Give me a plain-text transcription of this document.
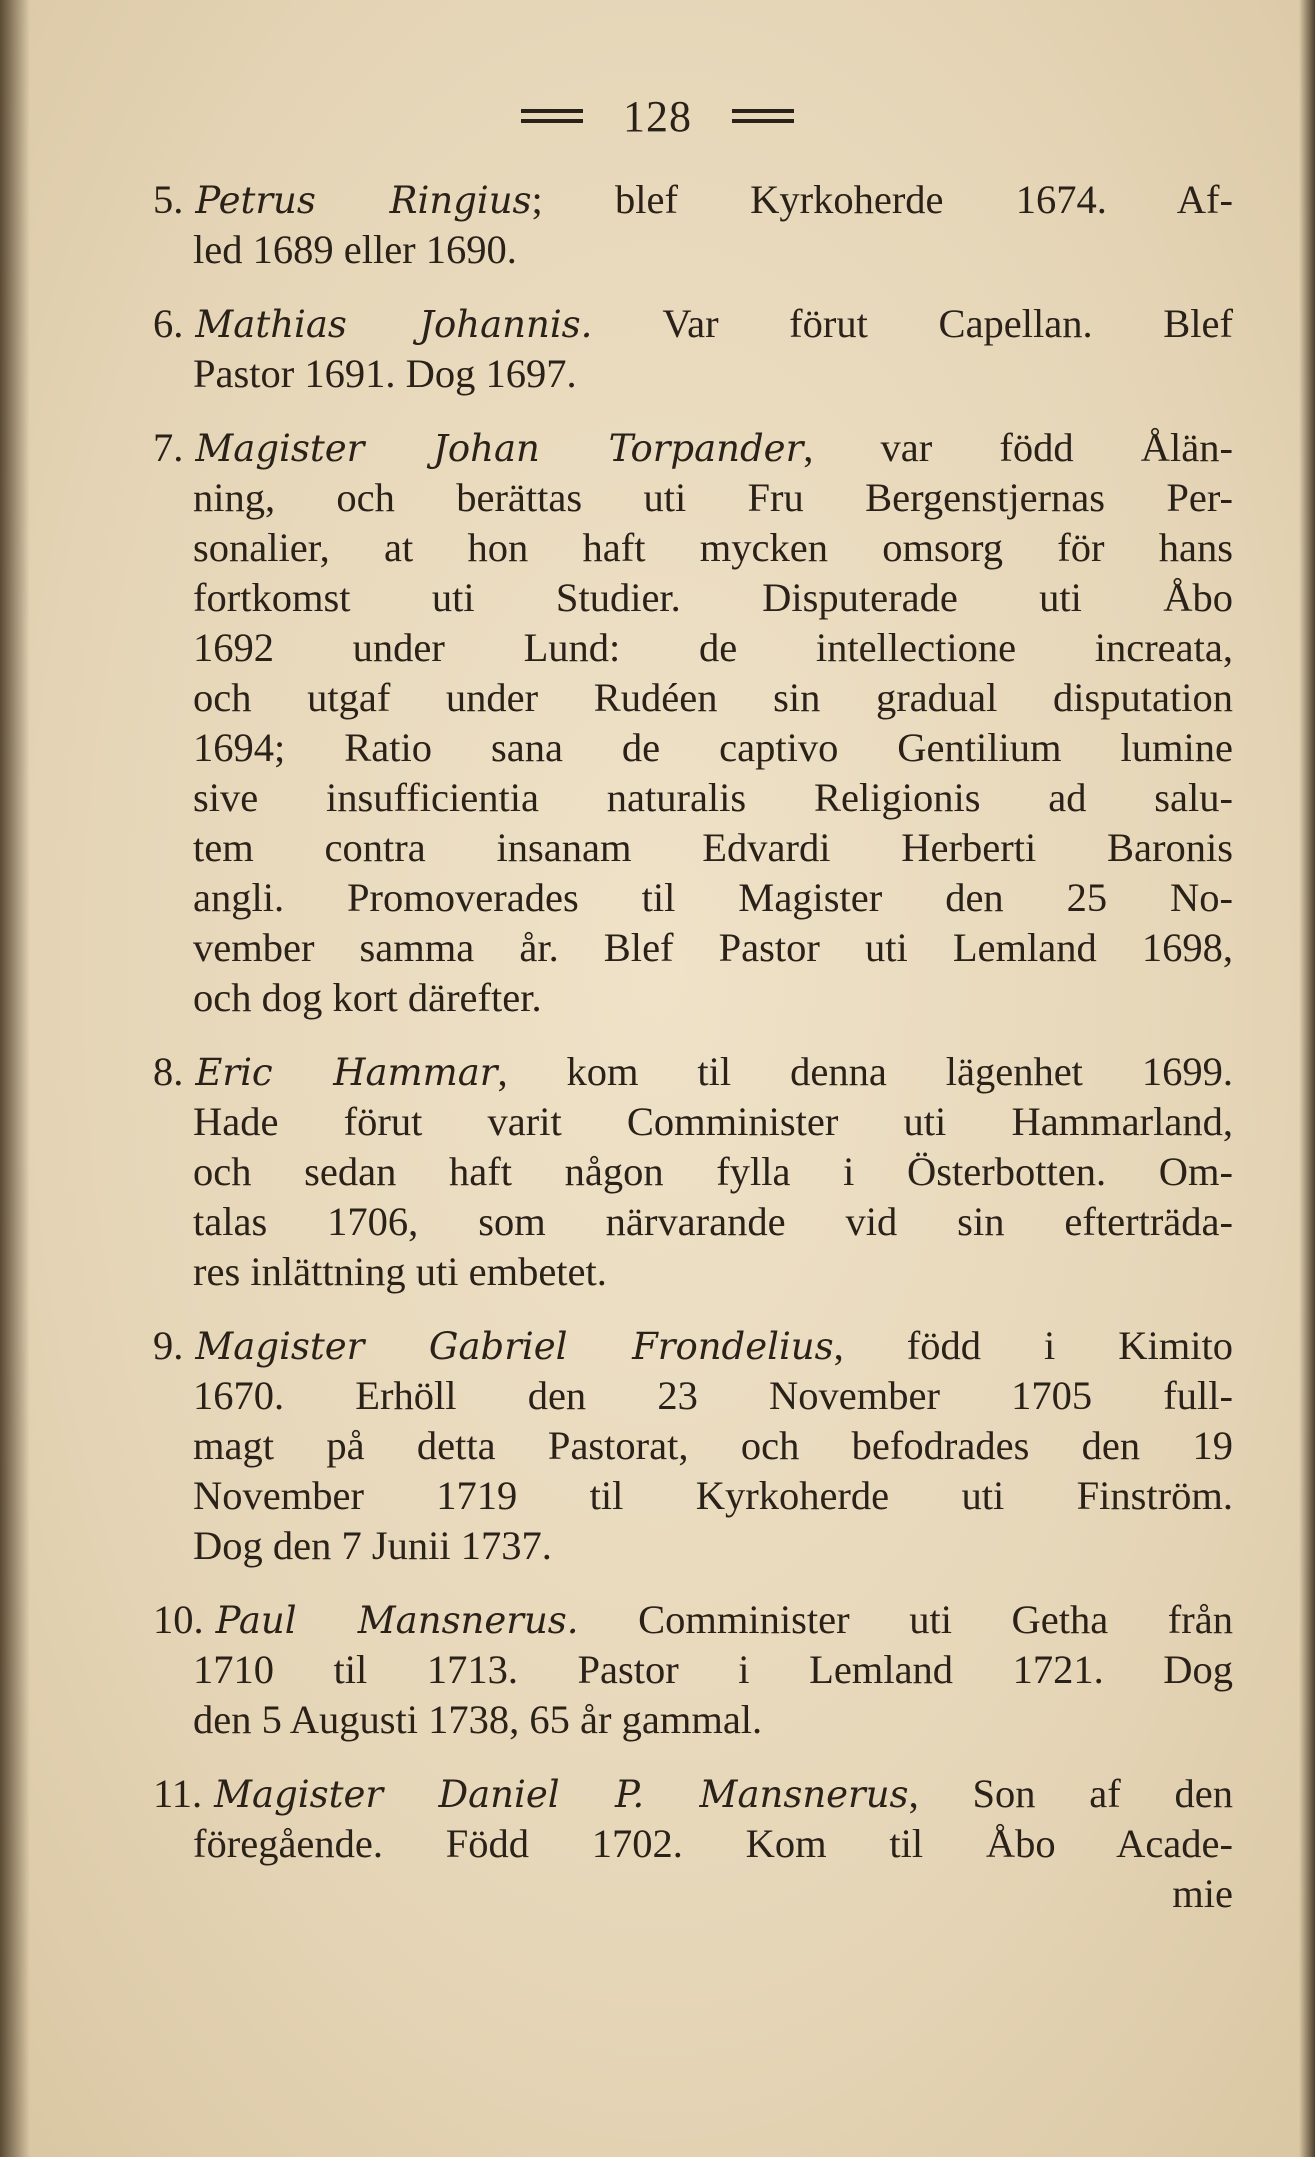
128
5. Petrus Ringius; blef Kyrkoherde 1674. Af-
led 1689 eller 1690.
6. Mathias Johannis. Var förut Capellan. Blef
Pastor 1691. Dog 1697.
7. Magister Johan Torpander, var född Ålän-
ning, och berättas uti Fru Bergenstjernas Per-
sonalier, at hon haft mycken omsorg för hans
fortkomst uti Studier. Disputerade uti Åbo
1692 under Lund: de intellectione increata,
och utgaf under Rudéen sin gradual disputation
1694; Ratio sana de captivo Gentilium lumine
sive insufficientia naturalis Religionis ad salu-
tem contra insanam Edvardi Herberti Baronis
angli. Promoverades til Magister den 25 No-
vember samma år. Blef Pastor uti Lemland 1698,
och dog kort därefter.
8. Eric Hammar, kom til denna lägenhet 1699.
Hade förut varit Comminister uti Hammarland,
och sedan haft någon fylla i Österbotten. Om-
talas 1706, som närvarande vid sin efterträda-
res inlättning uti embetet.
9. Magister Gabriel Frondelius, född i Kimito
1670. Erhöll den 23 November 1705 full-
magt på detta Pastorat, och befodrades den 19
November 1719 til Kyrkoherde uti Finström.
Dog den 7 Junii 1737.
10. Paul Mansnerus. Comminister uti Getha från
1710 til 1713. Pastor i Lemland 1721. Dog
den 5 Augusti 1738, 65 år gammal.
11. Magister Daniel P. Mansnerus, Son af den
föregående. Född 1702. Kom til Åbo Acade-
mie
